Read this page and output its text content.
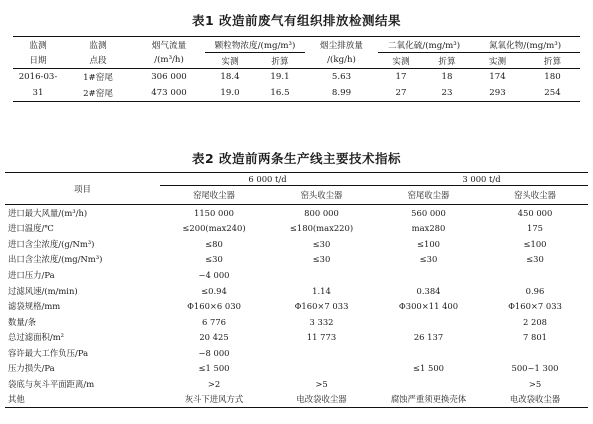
表1 改造前废气有组织排放检测结果
监测	监测	烟气流量	颗粒物浓度/(mg/m³)		烟尘排放量	二氧化硫/(mg/m³)		氮氧化物/(mg/m³)	
日期	点段	/(m³/h)	实测	折算	/(kg/h)	实测	折算	实测	折算
2016-03-	1#窑尾	306 000	18.4	19.1	5.63	17	18	174	180
31	2#窑尾	473 000	19.0	16.5	8.99	27	23	293	254
表2 改造前两条生产线主要技术指标
项目	6 000 t/d		3 000 t/d	
	窑尾收尘器	窑头收尘器	窑尾收尘器	窑头收尘器
进口最大风量/(m³/h)	1150 000	800 000	560 000	450 000
进口温度/℃	≤200(max240)	≤180(max220)	max280	175
进口含尘浓度/(g/Nm³)	≤80	≤30	≤100	≤100
出口含尘浓度/(mg/Nm³)	≤30	≤30	≤30	≤30
进口压力/Pa	−4 000			
过滤风速/(m/min)	≤0.94	1.14	0.384	0.96
滤袋规格/mm	Φ160×6 030	Φ160×7 033	Φ300×11 400	Φ160×7 033
数量/条	6 776	3 332		2 208
总过滤面积/m²	20 425	11 773	26 137	7 801
容许最大工作负压/Pa	−8 000			
压力损失/Pa	≤1 500		≤1 500	500~1 300
袋底与灰斗平面距离/m	>2	>5		>5
其他	灰斗下进风方式	电改袋收尘器	腐蚀严重须更换壳体	电改袋收尘器
